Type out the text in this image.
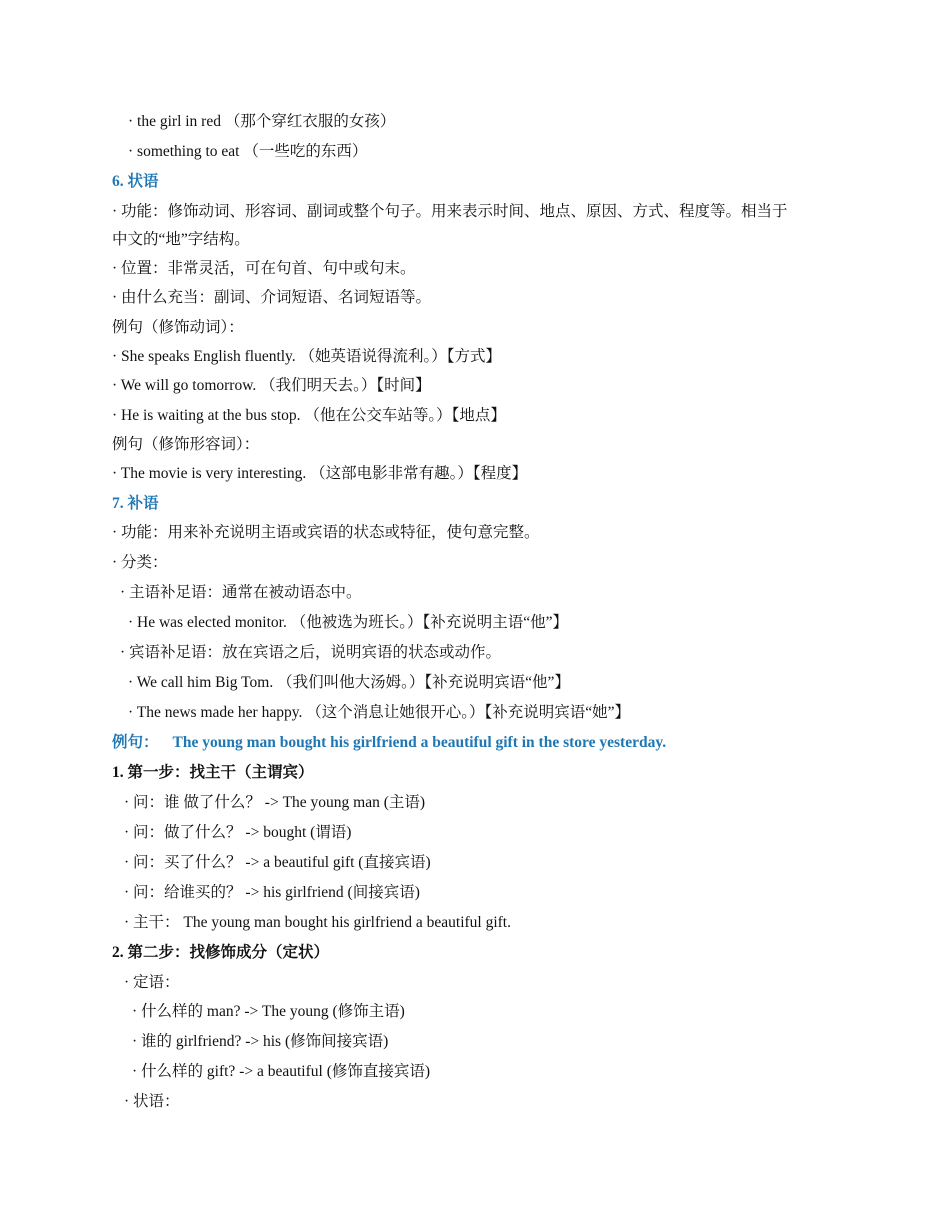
· the girl in red （那个穿红衣服的女孩）
· something to eat （一些吃的东西）
6. 状语
· 功能：修饰动词、形容词、副词或整个句子。用来表示时间、地点、原因、方式、程度等。相当于
中文的“地”字结构。
· 位置：非常灵活，可在句首、句中或句末。
· 由什么充当：副词、介词短语、名词短语等。
例句（修饰动词）：
· She speaks English fluently. （她英语说得流利。）【方式】
· We will go tomorrow. （我们明天去。）【时间】
· He is waiting at the bus stop. （他在公交车站等。）【地点】
例句（修饰形容词）：
· The movie is very interesting. （这部电影非常有趣。）【程度】
7. 补语
· 功能：用来补充说明主语或宾语的状态或特征，使句意完整。
· 分类：
· 主语补足语：通常在被动语态中。
· He was elected monitor. （他被选为班长。）【补充说明主语“他”】
· 宾语补足语：放在宾语之后，说明宾语的状态或动作。
· We call him Big Tom. （我们叫他大汤姆。）【补充说明宾语“他”】
· The news made her happy. （这个消息让她很开心。）【补充说明宾语“她”】
例句： The young man bought his girlfriend a beautiful gift in the store yesterday.
1. 第一步：找主干（主谓宾）
· 问：谁 做了什么？ -> The young man (主语)
· 问：做了什么？ -> bought (谓语)
· 问：买了什么？ -> a beautiful gift (直接宾语)
· 问：给谁买的？ -> his girlfriend (间接宾语)
· 主干： The young man bought his girlfriend a beautiful gift.
2. 第二步：找修饰成分（定状）
· 定语：
· 什么样的 man? -> The young (修饰主语)
· 谁的 girlfriend? -> his (修饰间接宾语)
· 什么样的 gift? -> a beautiful (修饰直接宾语)
· 状语：
